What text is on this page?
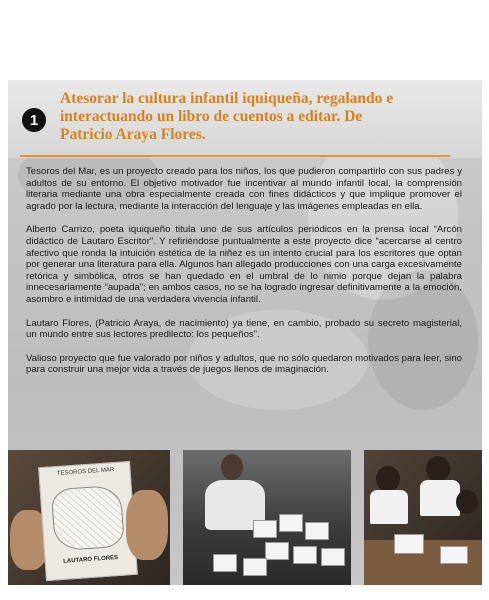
1
Atesorar la cultura infantil iquiqueña, regalando e interactuando un libro de cuentos a editar. De Patricio Araya Flores.

Tesoros del Mar, es un proyecto creado para los niños, los que pudieron compartirlo con sus padres y adultos de su entorno. El objetivo motivador fue incentivar al mundo infantil local, la comprensión literaria mediante una obra especialmente creada con fines didácticos y que implique promover el agrado por la lectura, mediante la interacción del lenguaje y las imágenes empleadas en ella.

Alberto Carrizo, poeta iquiqueño titula uno de sus artículos periódicos en la prensa local “Arcón didáctico de Lautaro Escritor”. Y refiriéndose puntualmente a este proyecto dice “acercarse al centro afectivo que ronda la intuición estética de la niñez es un intento crucial para los escritores que optan por generar una literatura para ella. Algunos han allegado producciones con una carga excesivamente retórica y simbólica, otros se han quedado en el umbral de lo nimio porque dejan la palabra innecesariamente “aupada”; en ambos casos, no se ha logrado ingresar definitivamente a la emoción, asombro e intimidad de una verdadera vivencia infantil.

Lautaro Flores, (Patricio Araya, de nacimiento) ya tiene, en cambio, probado su secreto magisterial, un mundo entre sus lectores predilecto: los pequeños”.

Valioso proyecto que fue valorado por niños y adultos, que no sólo quedaron motivados para leer, sino para construir una mejor vida a través de juegos llenos de imaginación.

TESOROS DEL MAR
LAUTARO FLORES
